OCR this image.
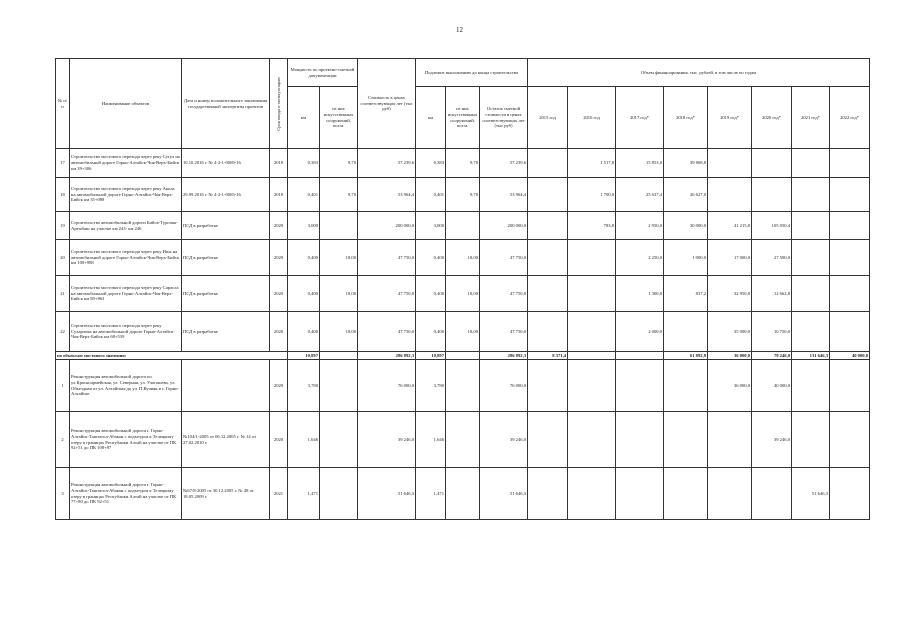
12
№ п/п	Наименование объектов	Дата и номер положительного заключения государственной экспертизы проектов	Срок ввода в эксплуатацию	Мощность по проектно-сметной документации		Стоимость в ценах соответствующих лет (тыс руб)	Подлежит выполнению до конца строительства			Объем финансирования, тыс. рублей, в том числе по годам							
				км	из них искусственных сооружений, пог.м.		км	из них искусственных сооружений, пог.м.	Остаток сметной стоимости в ценах соответствующих лет (тыс руб)	2015 год	2016 год	2017 год*	2018 год*	2019 год*	2020 год*	2021 год*	2022 год*
17	Строительство мостового перехода через реку Сугул на автомобильной дороге Горно-Алтайск-Чоя-Верх-Бийск км 39+306	10.10.2016 г. № 4-2-1-0069-16	2018	0,383	9,70	57 239,6	0,383	9,70	57 239,6		1 517,8	15 853,0	39 868,8				
18	Строительство мостового перехода через реку Акола на автомобильной дороге Горно-Алтайск-Чоя-Верх-Бийск км 35+088	29.09.2016 г. № 4-2-1-0065-16	2018	0,401	9,70	53 964,4	0,401	9,70	53 964,4		1 700,0	25 637,4	26 627,0				
19	Строительство автомобильной дороги Бийск-Турочак-Артыбаш на участке км 243- км 246	ПСД в разработке	2020	3,000		200 000,0	3,000		200 000,0		783,8	2 950,0	30 000,0	41 215,8	105 050,4		
20	Строительство мостового перехода через реку Иша на автомобильной дороге Горно-Алтайск-Чоя-Верх-Бийск км 100+988	ПСД в разработке	2020	0,400	18,00	47 750,0	0,400	18,00	47 750,0			2 250,0	1 000,0	17 000,0	27 500,0		
21	Строительство мостового перехода через реку Сарасла на автомобильной дороге Горно-Алтайск-Чоя-Верх-Бийск км 89+863	ПСД в разработке	2020	0,400	18,00	47 750,0	0,400	18,00	47 750,0			1 300,0	837,2	32 950,0	12 662,8		
22	Строительство мостового перехода через реку Сухарлока на автомобильной дороге Горно-Алтайск-Чоя-Верх-Бийск км 68+539	ПСД в разработке	2020	0,400	18,00	47 750,0	0,400	18,00	47 750,0			2 000,0		35 000,0	10 750,0		
по объектам мостового значения:				10,897		286 892,3	10,897		286 892,3	8 371,4			61 892,8	36 000,0	79 246,0	131 646,3	40 000,0
1	Реконструкция автомобильной дороги по ул.Красноармейская, ул. Северная, ул. Улагашева, ул. Объездная от ул. Алтайская до ул. П.Кучияк в г. Горно-Алтайске		2020	3,780		76 000,0	3,780		76 000,0					36 000,0	40 000,0		
2	Реконструкция автомобильной дороги г. Горно-Алтайск-Таштагол-Абакан с подъездом к Телецкому озеру в границах Республики Алтай на участке от ПК 92+51 до ПК 108+97	№104/1-2005 от 06.12.2005 г. № 14 от 27.02.2010 г.	2020	1,646		39 246,0	1,646		39 246,0						39 246,0		
3	Реконструкция автомобильной дороги г. Горно-Алтайск-Таштагол-Абакан с подъездом к Телецкому озеру в границах Республики Алтай на участке от ПК 77+80 до ПК 92+51	№67/8-2005 от 30.12.2005 г. № 48 от 18.05.2009 г.	2021	1,471		51 646,3	1,471		51 646,3							51 646,3	
